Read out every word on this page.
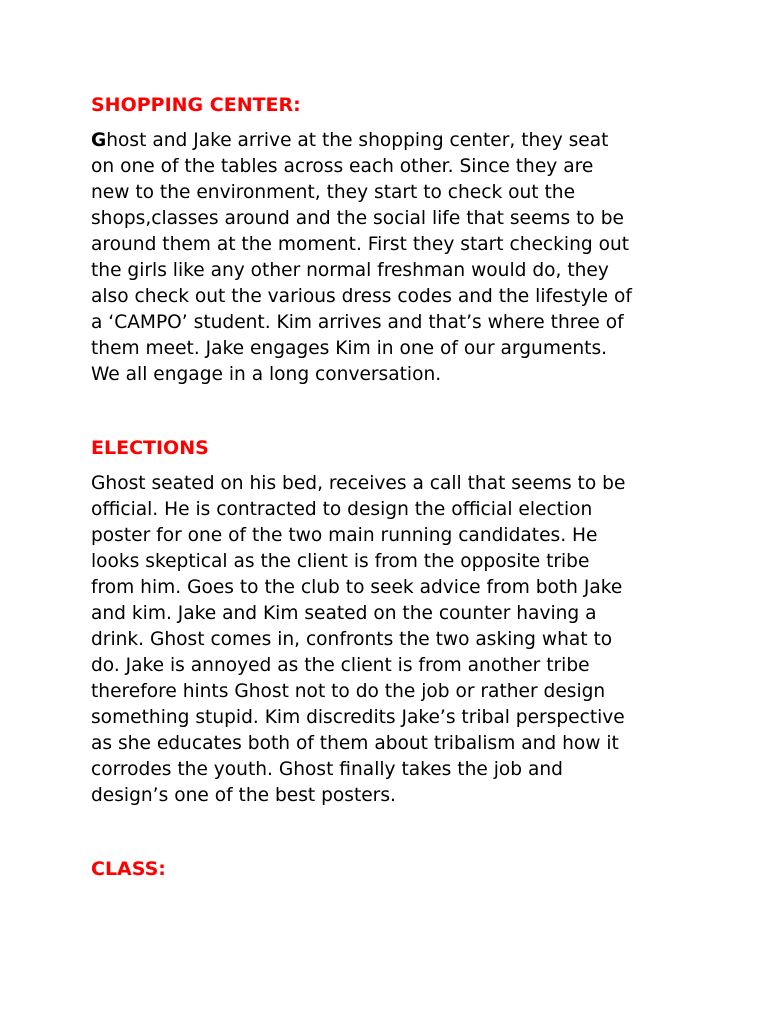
SHOPPING CENTER:
Ghost and Jake arrive at the shopping center, they seat
on one of the tables across each other. Since they are
new to the environment, they start to check out the
shops,classes around and the social life that seems to be
around them at the moment. First they start checking out
the girls like any other normal freshman would do, they
also check out the various dress codes and the lifestyle of
a ‘CAMPO’ student. Kim arrives and that’s where three of
them meet. Jake engages Kim in one of our arguments.
We all engage in a long conversation.
ELECTIONS
Ghost seated on his bed, receives a call that seems to be
official. He is contracted to design the official election
poster for one of the two main running candidates. He
looks skeptical as the client is from the opposite tribe
from him. Goes to the club to seek advice from both Jake
and kim. Jake and Kim seated on the counter having a
drink. Ghost comes in, confronts the two asking what to
do. Jake is annoyed as the client is from another tribe
therefore hints Ghost not to do the job or rather design
something stupid. Kim discredits Jake’s tribal perspective
as she educates both of them about tribalism and how it
corrodes the youth. Ghost finally takes the job and
design’s one of the best posters.
CLASS:
